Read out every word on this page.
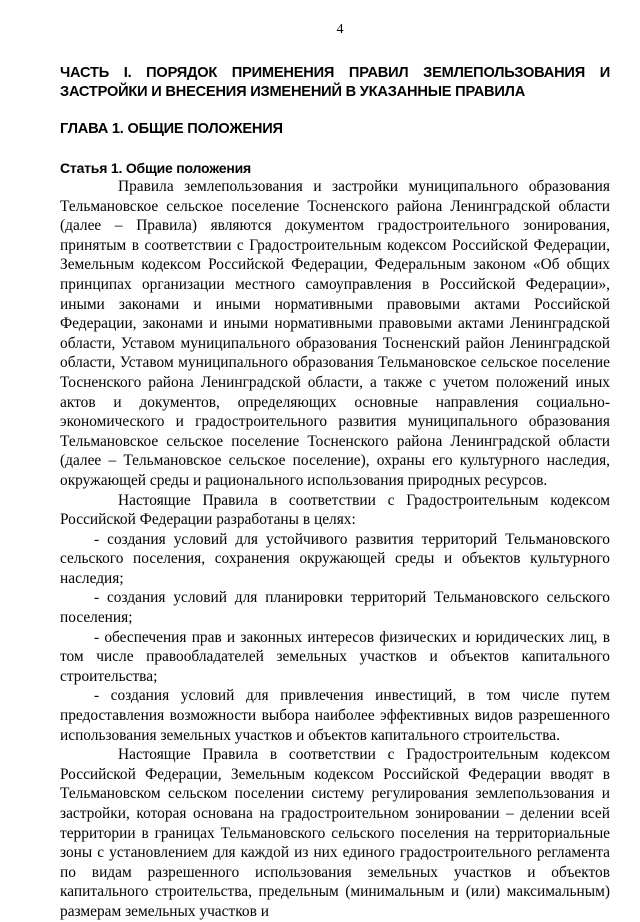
4
ЧАСТЬ I. ПОРЯДОК ПРИМЕНЕНИЯ ПРАВИЛ ЗЕМЛЕПОЛЬЗОВАНИЯ И ЗАСТРОЙКИ И ВНЕСЕНИЯ ИЗМЕНЕНИЙ В УКАЗАННЫЕ ПРАВИЛА
ГЛАВА 1. ОБЩИЕ ПОЛОЖЕНИЯ
Статья 1. Общие положения

Правила землепользования и застройки муниципального образования Тельмановское сельское поселение Тосненского района Ленинградской области (далее – Правила) являются документом градостроительного зонирования, принятым в соответствии с Градостроительным кодексом Российской Федерации, Земельным кодексом Российской Федерации, Федеральным законом «Об общих принципах организации местного самоуправления в Российской Федерации», иными законами и иными нормативными правовыми актами Российской Федерации, законами и иными нормативными правовыми актами Ленинградской области, Уставом муниципального образования Тосненский район Ленинградской области, Уставом муниципального образования Тельмановское сельское поселение Тосненского района Ленинградской области, а также с учетом положений иных актов и документов, определяющих основные направления социально-экономического и градостроительного развития муниципального образования Тельмановское сельское поселение Тосненского района Ленинградской области (далее – Тельмановское сельское поселение), охраны его культурного наследия, окружающей среды и рационального использования природных ресурсов.

Настоящие Правила в соответствии с Градостроительным кодексом Российской Федерации разработаны в целях:

- создания условий для устойчивого развития территорий Тельмановского сельского поселения, сохранения окружающей среды и объектов культурного наследия;

- создания условий для планировки территорий Тельмановского сельского поселения;

- обеспечения прав и законных интересов физических и юридических лиц, в том числе правообладателей земельных участков и объектов капитального строительства;

- создания условий для привлечения инвестиций, в том числе путем предоставления возможности выбора наиболее эффективных видов разрешенного использования земельных участков и объектов капитального строительства.

Настоящие Правила в соответствии с Градостроительным кодексом Российской Федерации, Земельным кодексом Российской Федерации вводят в Тельмановском сельском поселении систему регулирования землепользования и застройки, которая основана на градостроительном зонировании – делении всей территории в границах Тельмановского сельского поселения на территориальные зоны с установлением для каждой из них единого градостроительного регламента по видам разрешенного использования земельных участков и объектов капитального строительства, предельным (минимальным и (или) максимальным) размерам земельных участков и
